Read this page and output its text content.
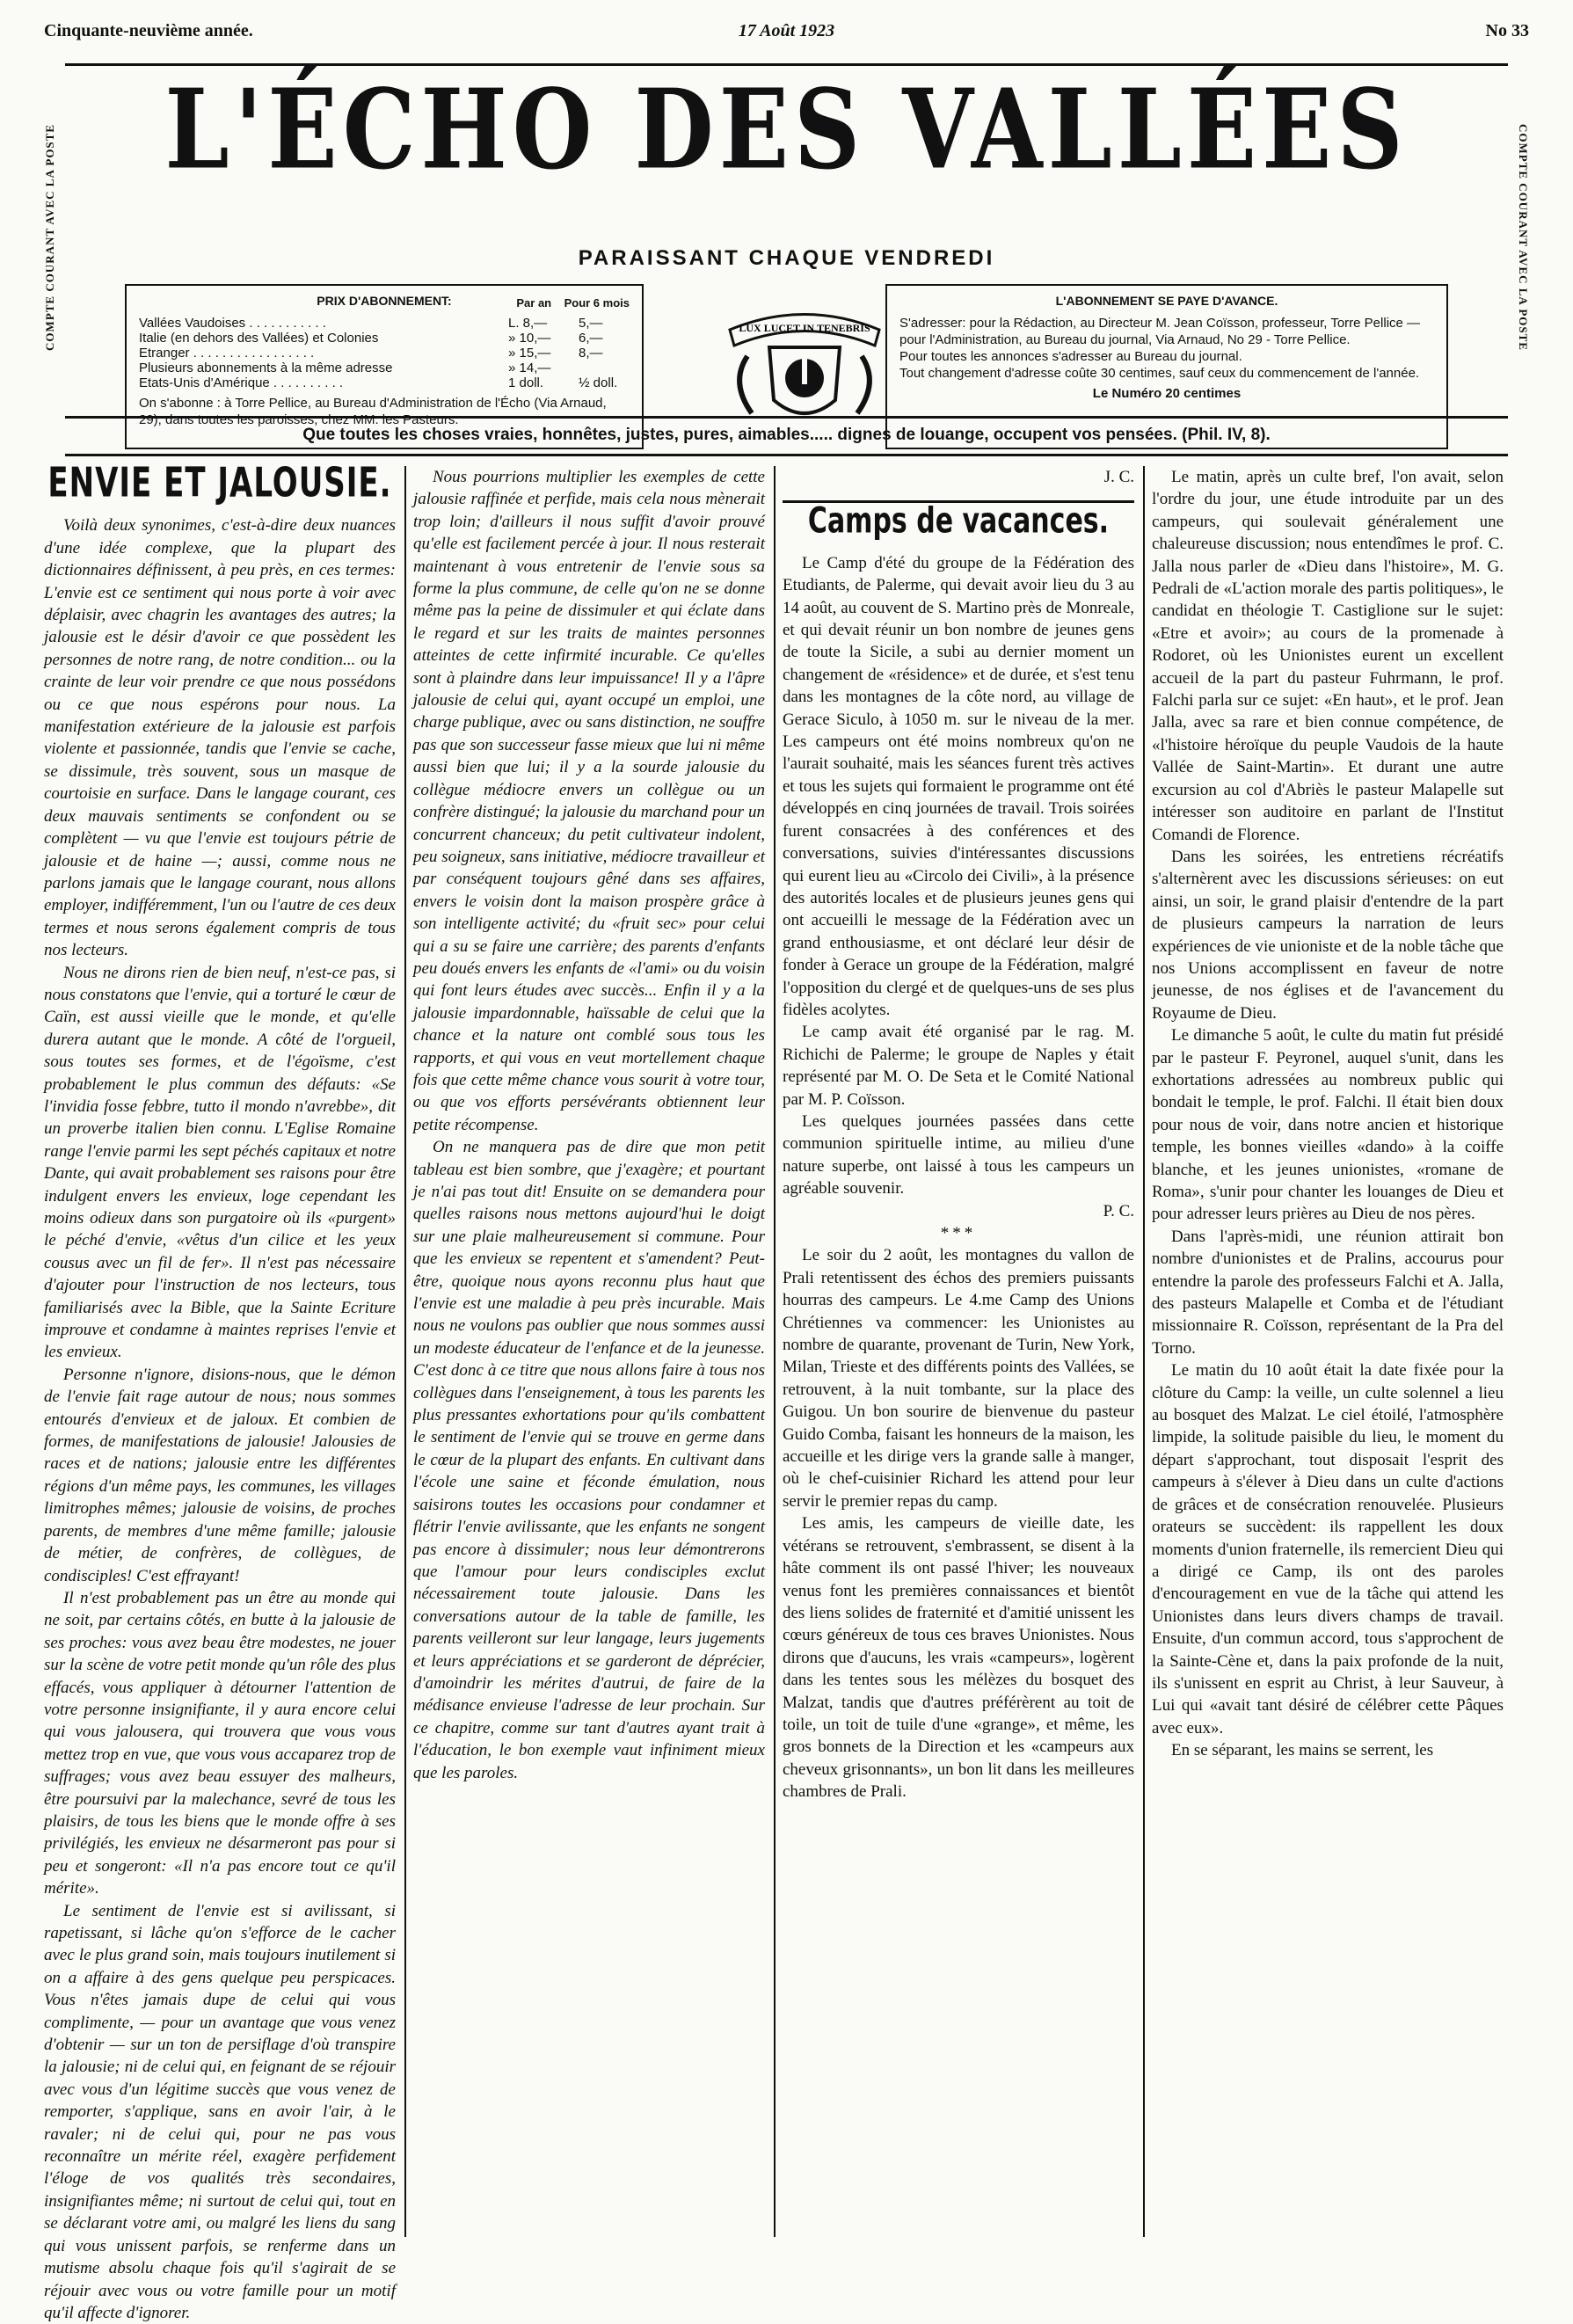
Cinquante-neuvième année.	17 Août 1923	No 33
COMPTE COURANT AVEC LA POSTE	COMPTE COURANT AVEC LA POSTE
L'ÉCHO DES VALLÉES
PARAISSANT CHAQUE VENDREDI
PRIX D'ABONNEMENT:	Par an Pour 6 mois
Vallées Vaudoises . . . . . . . . . . .	L. 8,— 5,—
Italie (en dehors des Vallées) et Colonies	» 10,— 6,—
Etranger . . . . . . . . . . . . . . . . .	» 15,— 8,—
Plusieurs abonnements à la même adresse	» 14,—
Etats-Unis d'Amérique . . . . . . . . . .	1 doll.	½ doll.

On s'abonne : à Torre Pellice, au Bureau d'Administration de l'Écho (Via Arnaud, 29); dans toutes les paroisses, chez MM. les Pasteurs.

LUX LUCET IN TENEBRIS
L'ABONNEMENT SE PAYE D'AVANCE.
S'adresser: pour la Rédaction, au Directeur M. Jean Coïsson, professeur, Torre Pellice — pour l'Administration, au Bureau du journal, Via Arnaud, No 29 - Torre Pellice.
Pour toutes les annonces s'adresser au Bureau du journal.
Tout changement d'adresse coûte 30 centimes, sauf ceux du commencement de l'année.
Le Numéro 20 centimes
Que toutes les choses vraies, honnêtes, justes, pures, aimables..... dignes de louange, occupent vos pensées. (Phil. IV, 8).
ENVIE ET JALOUSIE.

Voilà deux synonimes, c'est-à-dire deux nuances d'une idée complexe, que la plupart des dictionnaires définissent, à peu près, en ces termes: L'envie est ce sentiment qui nous porte à voir avec déplaisir, avec chagrin les avantages des autres; la jalousie est le désir d'avoir ce que possèdent les personnes de notre rang, de notre condition... ou la crainte de leur voir prendre ce que nous possédons ou ce que nous espérons pour nous. La manifestation extérieure de la jalousie est parfois violente et passionnée, tandis que l'envie se cache, se dissimule, très souvent, sous un masque de courtoisie en surface. Dans le langage courant, ces deux mauvais sentiments se confondent ou se complètent — vu que l'envie est toujours pétrie de jalousie et de haine —; aussi, comme nous ne parlons jamais que le langage courant, nous allons employer, indifféremment, l'un ou l'autre de ces deux termes et nous serons également compris de tous nos lecteurs.

Nous ne dirons rien de bien neuf, n'est-ce pas, si nous constatons que l'envie, qui a torturé le cœur de Caïn, est aussi vieille que le monde, et qu'elle durera autant que le monde. A côté de l'orgueil, sous toutes ses formes, et de l'égoïsme, c'est probablement le plus commun des défauts: «Se l'invidia fosse febbre, tutto il mondo n'avrebbe», dit un proverbe italien bien connu. L'Eglise Romaine range l'envie parmi les sept péchés capitaux et notre Dante, qui avait probablement ses raisons pour être indulgent envers les envieux, loge cependant les moins odieux dans son purgatoire où ils «purgent» le péché d'envie, «vêtus d'un cilice et les yeux cousus avec un fil de fer». Il n'est pas nécessaire d'ajouter pour l'instruction de nos lecteurs, tous familiarisés avec la Bible, que la Sainte Ecriture improuve et condamne à maintes reprises l'envie et les envieux.

Personne n'ignore, disions-nous, que le démon de l'envie fait rage autour de nous; nous sommes entourés d'envieux et de jaloux. Et combien de formes, de manifestations de jalousie! Jalousies de races et de nations; jalousie entre les différentes régions d'un même pays, les communes, les villages limitrophes mêmes; jalousie de voisins, de proches parents, de membres d'une même famille; jalousie de métier, de confrères, de collègues, de condisciples! C'est effrayant!

Il n'est probablement pas un être au monde qui ne soit, par certains côtés, en butte à la jalousie de ses proches: vous avez beau être modestes, ne jouer sur la scène de votre petit monde qu'un rôle des plus effacés, vous appliquer à détourner l'attention de votre personne insignifiante, il y aura encore celui qui vous jalousera, qui trouvera que vous vous mettez trop en vue, que vous vous accaparez trop de suffrages; vous avez beau essuyer des malheurs, être poursuivi par la malechance, sevré de tous les plaisirs, de tous les biens que le monde offre à ses privilégiés, les envieux ne désarmeront pas pour si peu et songeront: «Il n'a pas encore tout ce qu'il mérite».

Le sentiment de l'envie est si avilissant, si rapetissant, si lâche qu'on s'efforce de le cacher avec le plus grand soin, mais toujours inutilement si on a affaire à des gens quelque peu perspicaces. Vous n'êtes jamais dupe de celui qui vous complimente, — pour un avantage que vous venez d'obtenir — sur un ton de persiflage d'où transpire la jalousie; ni de celui qui, en feignant de se réjouir avec vous d'un légitime succès que vous venez de remporter, s'applique, sans en avoir l'air, à le ravaler; ni de celui qui, pour ne pas vous reconnaître un mérite réel, exagère perfidement l'éloge de vos qualités très secondaires, insignifiantes même; ni surtout de celui qui, tout en se déclarant votre ami, ou malgré les liens du sang qui vous unissent parfois, se renferme dans un mutisme absolu chaque fois qu'il s'agirait de se réjouir avec vous ou votre famille pour un motif qu'il affecte d'ignorer.

Nous pourrions multiplier les exemples de cette jalousie raffinée et perfide, mais cela nous mènerait trop loin; d'ailleurs il nous suffit d'avoir prouvé qu'elle est facilement percée à jour. Il nous resterait maintenant à vous entretenir de l'envie sous sa forme la plus commune, de celle qu'on ne se donne même pas la peine de dissimuler et qui éclate dans le regard et sur les traits de maintes personnes atteintes de cette infirmité incurable. Ce qu'elles sont à plaindre dans leur impuissance! Il y a l'âpre jalousie de celui qui, ayant occupé un emploi, une charge publique, avec ou sans distinction, ne souffre pas que son successeur fasse mieux que lui ni même aussi bien que lui; il y a la sourde jalousie du collègue médiocre envers un collègue ou un confrère distingué; la jalousie du marchand pour un concurrent chanceux; du petit cultivateur indolent, peu soigneux, sans initiative, médiocre travailleur et par conséquent toujours gêné dans ses affaires, envers le voisin dont la maison prospère grâce à son intelligente activité; du «fruit sec» pour celui qui a su se faire une carrière; des parents d'enfants peu doués envers les enfants de «l'ami» ou du voisin qui font leurs études avec succès... Enfin il y a la jalousie impardonnable, haïssable de celui que la chance et la nature ont comblé sous tous les rapports, et qui vous en veut mortellement chaque fois que cette même chance vous sourit à votre tour, ou que vos efforts persévérants obtiennent leur petite récompense.

On ne manquera pas de dire que mon petit tableau est bien sombre, que j'exagère; et pourtant je n'ai pas tout dit! Ensuite on se demandera pour quelles raisons nous mettons aujourd'hui le doigt sur une plaie malheureusement si commune. Pour que les envieux se repentent et s'amendent? Peut-être, quoique nous ayons reconnu plus haut que l'envie est une maladie à peu près incurable. Mais nous ne voulons pas oublier que nous sommes aussi un modeste éducateur de l'enfance et de la jeunesse. C'est donc à ce titre que nous allons faire à tous nos collègues dans l'enseignement, à tous les parents les plus pressantes exhortations pour qu'ils combattent le sentiment de l'envie qui se trouve en germe dans le cœur de la plupart des enfants. En cultivant dans l'école une saine et féconde émulation, nous saisirons toutes les occasions pour condamner et flétrir l'envie avilissante, que les enfants ne songent pas encore à dissimuler; nous leur démontrerons que l'amour pour leurs condisciples exclut nécessairement toute jalousie. Dans les conversations autour de la table de famille, les parents veilleront sur leur langage, leurs jugements et leurs appréciations et se garderont de déprécier, d'amoindrir les mérites d'autrui, de faire de la médisance envieuse l'adresse de leur prochain. Sur ce chapitre, comme sur tant d'autres ayant trait à l'éducation, le bon exemple vaut infiniment mieux que les paroles.

J. C.
Camps de vacances.

Le Camp d'été du groupe de la Fédération des Etudiants, de Palerme, qui devait avoir lieu du 3 au 14 août, au couvent de S. Martino près de Monreale, et qui devait réunir un bon nombre de jeunes gens de toute la Sicile, a subi au dernier moment un changement de «résidence» et de durée, et s'est tenu dans les montagnes de la côte nord, au village de Gerace Siculo, à 1050 m. sur le niveau de la mer. Les campeurs ont été moins nombreux qu'on ne l'aurait souhaité, mais les séances furent très actives et tous les sujets qui formaient le programme ont été développés en cinq journées de travail. Trois soirées furent consacrées à des conférences et des conversations, suivies d'intéressantes discussions qui eurent lieu au «Circolo dei Civili», à la présence des autorités locales et de plusieurs jeunes gens qui ont accueilli le message de la Fédération avec un grand enthousiasme, et ont déclaré leur désir de fonder à Gerace un groupe de la Fédération, malgré l'opposition du clergé et de quelques-uns de ses plus fidèles acolytes.

Le camp avait été organisé par le rag. M. Richichi de Palerme; le groupe de Naples y était représenté par M. O. De Seta et le Comité National par M. P. Coïsson.

Les quelques journées passées dans cette communion spirituelle intime, au milieu d'une nature superbe, ont laissé à tous les campeurs un agréable souvenir.

P. C.
***

Le soir du 2 août, les montagnes du vallon de Prali retentissent des échos des premiers puissants hourras des campeurs. Le 4.me Camp des Unions Chrétiennes va commencer: les Unionistes au nombre de quarante, provenant de Turin, New York, Milan, Trieste et des différents points des Vallées, se retrouvent, à la nuit tombante, sur la place des Guigou. Un bon sourire de bienvenue du pasteur Guido Comba, faisant les honneurs de la maison, les accueille et les dirige vers la grande salle à manger, où le chef-cuisinier Richard les attend pour leur servir le premier repas du camp.

Les amis, les campeurs de vieille date, les vétérans se retrouvent, s'embrassent, se disent à la hâte comment ils ont passé l'hiver; les nouveaux venus font les premières connaissances et bientôt des liens solides de fraternité et d'amitié unissent les cœurs généreux de tous ces braves Unionistes. Nous dirons que d'aucuns, les vrais «campeurs», logèrent dans les tentes sous les mélèzes du bosquet des Malzat, tandis que d'autres préférèrent au toit de toile, un toit de tuile d'une «grange», et même, les gros bonnets de la Direction et les «campeurs aux cheveux grisonnants», un bon lit dans les meilleures chambres de Prali.

Le matin, après un culte bref, l'on avait, selon l'ordre du jour, une étude introduite par un des campeurs, qui soulevait généralement une chaleureuse discussion; nous entendîmes le prof. C. Jalla nous parler de «Dieu dans l'histoire», M. G. Pedrali de «L'action morale des partis politiques», le candidat en théologie T. Castiglione sur le sujet: «Etre et avoir»; au cours de la promenade à Rodoret, où les Unionistes eurent un excellent accueil de la part du pasteur Fuhrmann, le prof. Falchi parla sur ce sujet: «En haut», et le prof. Jean Jalla, avec sa rare et bien connue compétence, de «l'histoire héroïque du peuple Vaudois de la haute Vallée de Saint-Martin». Et durant une autre excursion au col d'Abriès le pasteur Malapelle sut intéresser son auditoire en parlant de l'Institut Comandi de Florence.

Dans les soirées, les entretiens récréatifs s'alternèrent avec les discussions sérieuses: on eut ainsi, un soir, le grand plaisir d'entendre de la part de plusieurs campeurs la narration de leurs expériences de vie unioniste et de la noble tâche que nos Unions accomplissent en faveur de notre jeunesse, de nos églises et de l'avancement du Royaume de Dieu.

Le dimanche 5 août, le culte du matin fut présidé par le pasteur F. Peyronel, auquel s'unit, dans les exhortations adressées au nombreux public qui bondait le temple, le prof. Falchi. Il était bien doux pour nous de voir, dans notre ancien et historique temple, les bonnes vieilles «dando» à la coiffe blanche, et les jeunes unionistes, «romane de Roma», s'unir pour chanter les louanges de Dieu et pour adresser leurs prières au Dieu de nos pères.

Dans l'après-midi, une réunion attirait bon nombre d'unionistes et de Pralins, accourus pour entendre la parole des professeurs Falchi et A. Jalla, des pasteurs Malapelle et Comba et de l'étudiant missionnaire R. Coïsson, représentant de la Pra del Torno.

Le matin du 10 août était la date fixée pour la clôture du Camp: la veille, un culte solennel a lieu au bosquet des Malzat. Le ciel étoilé, l'atmosphère limpide, la solitude paisible du lieu, le moment du départ s'approchant, tout disposait l'esprit des campeurs à s'élever à Dieu dans un culte d'actions de grâces et de consécration renouvelée. Plusieurs orateurs se succèdent: ils rappellent les doux moments d'union fraternelle, ils remercient Dieu qui a dirigé ce Camp, ils ont des paroles d'encouragement en vue de la tâche qui attend les Unionistes dans leurs divers champs de travail. Ensuite, d'un commun accord, tous s'approchent de la Sainte-Cène et, dans la paix profonde de la nuit, ils s'unissent en esprit au Christ, à leur Sauveur, à Lui qui «avait tant désiré de célébrer cette Pâques avec eux».

En se séparant, les mains se serrent, les
